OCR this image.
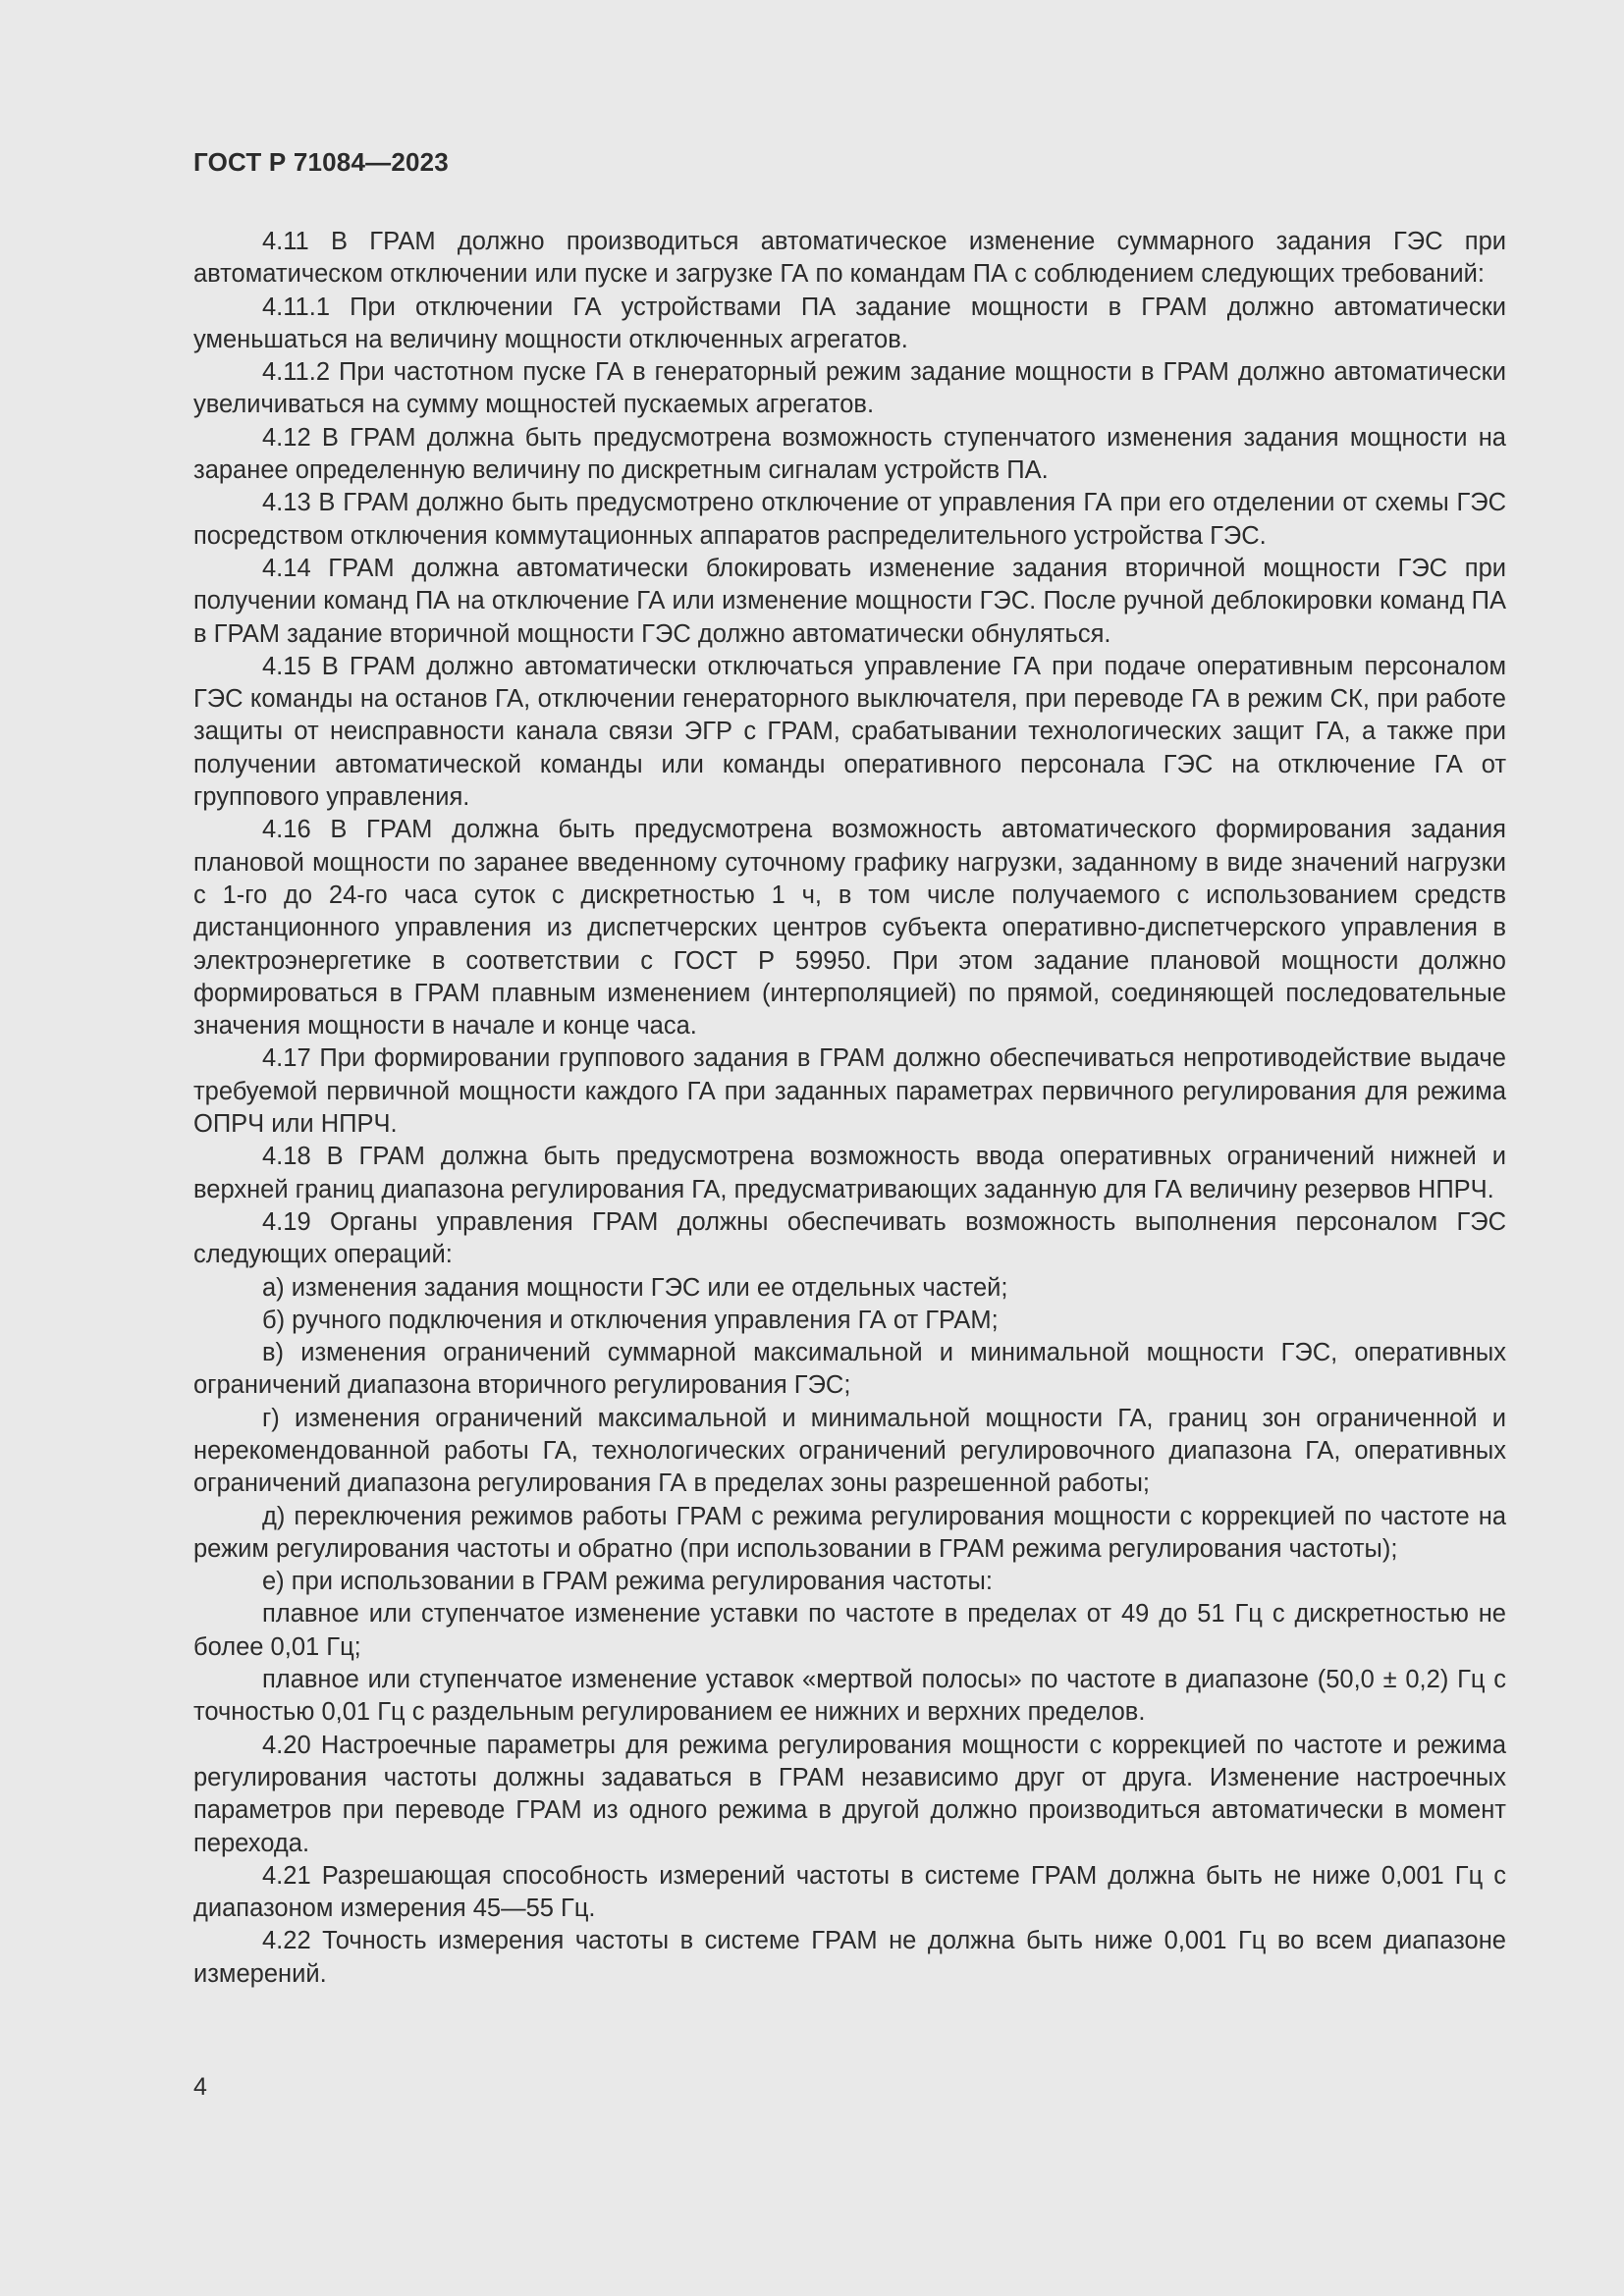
ГОСТ Р 71084—2023

4.11 В ГРАМ должно производиться автоматическое изменение суммарного задания ГЭС при автоматическом отключении или пуске и загрузке ГА по командам ПА с соблюдением следующих требований:

4.11.1 При отключении ГА устройствами ПА задание мощности в ГРАМ должно автоматически уменьшаться на величину мощности отключенных агрегатов.

4.11.2 При частотном пуске ГА в генераторный режим задание мощности в ГРАМ должно автоматически увеличиваться на сумму мощностей пускаемых агрегатов.

4.12 В ГРАМ должна быть предусмотрена возможность ступенчатого изменения задания мощности на заранее определенную величину по дискретным сигналам устройств ПА.

4.13 В ГРАМ должно быть предусмотрено отключение от управления ГА при его отделении от схемы ГЭС посредством отключения коммутационных аппаратов распределительного устройства ГЭС.

4.14 ГРАМ должна автоматически блокировать изменение задания вторичной мощности ГЭС при получении команд ПА на отключение ГА или изменение мощности ГЭС. После ручной деблокировки команд ПА в ГРАМ задание вторичной мощности ГЭС должно автоматически обнуляться.

4.15 В ГРАМ должно автоматически отключаться управление ГА при подаче оперативным персоналом ГЭС команды на останов ГА, отключении генераторного выключателя, при переводе ГА в режим СК, при работе защиты от неисправности канала связи ЭГР с ГРАМ, срабатывании технологических защит ГА, а также при получении автоматической команды или команды оперативного персонала ГЭС на отключение ГА от группового управления.

4.16 В ГРАМ должна быть предусмотрена возможность автоматического формирования задания плановой мощности по заранее введенному суточному графику нагрузки, заданному в виде значений нагрузки с 1-го до 24-го часа суток с дискретностью 1 ч, в том числе получаемого с использованием средств дистанционного управления из диспетчерских центров субъекта оперативно-диспетчерского управления в электроэнергетике в соответствии с ГОСТ Р 59950. При этом задание плановой мощности должно формироваться в ГРАМ плавным изменением (интерполяцией) по прямой, соединяющей последовательные значения мощности в начале и конце часа.

4.17 При формировании группового задания в ГРАМ должно обеспечиваться непротиводействие выдаче требуемой первичной мощности каждого ГА при заданных параметрах первичного регулирования для режима ОПРЧ или НПРЧ.

4.18 В ГРАМ должна быть предусмотрена возможность ввода оперативных ограничений нижней и верхней границ диапазона регулирования ГА, предусматривающих заданную для ГА величину резервов НПРЧ.

4.19 Органы управления ГРАМ должны обеспечивать возможность выполнения персоналом ГЭС следующих операций:

а) изменения задания мощности ГЭС или ее отдельных частей;

б) ручного подключения и отключения управления ГА от ГРАМ;

в) изменения ограничений суммарной максимальной и минимальной мощности ГЭС, оперативных ограничений диапазона вторичного регулирования ГЭС;

г) изменения ограничений максимальной и минимальной мощности ГА, границ зон ограниченной и нерекомендованной работы ГА, технологических ограничений регулировочного диапазона ГА, оперативных ограничений диапазона регулирования ГА в пределах зоны разрешенной работы;

д) переключения режимов работы ГРАМ с режима регулирования мощности с коррекцией по частоте на режим регулирования частоты и обратно (при использовании в ГРАМ режима регулирования частоты);

е) при использовании в ГРАМ режима регулирования частоты:

плавное или ступенчатое изменение уставки по частоте в пределах от 49 до 51 Гц с дискретностью не более 0,01 Гц;

плавное или ступенчатое изменение уставок «мертвой полосы» по частоте в диапазоне (50,0 ± 0,2) Гц с точностью 0,01 Гц с раздельным регулированием ее нижних и верхних пределов.

4.20 Настроечные параметры для режима регулирования мощности с коррекцией по частоте и режима регулирования частоты должны задаваться в ГРАМ независимо друг от друга. Изменение настроечных параметров при переводе ГРАМ из одного режима в другой должно производиться автоматически в момент перехода.

4.21 Разрешающая способность измерений частоты в системе ГРАМ должна быть не ниже 0,001 Гц с диапазоном измерения 45—55 Гц.

4.22 Точность измерения частоты в системе ГРАМ не должна быть ниже 0,001 Гц во всем диапазоне измерений.

4
